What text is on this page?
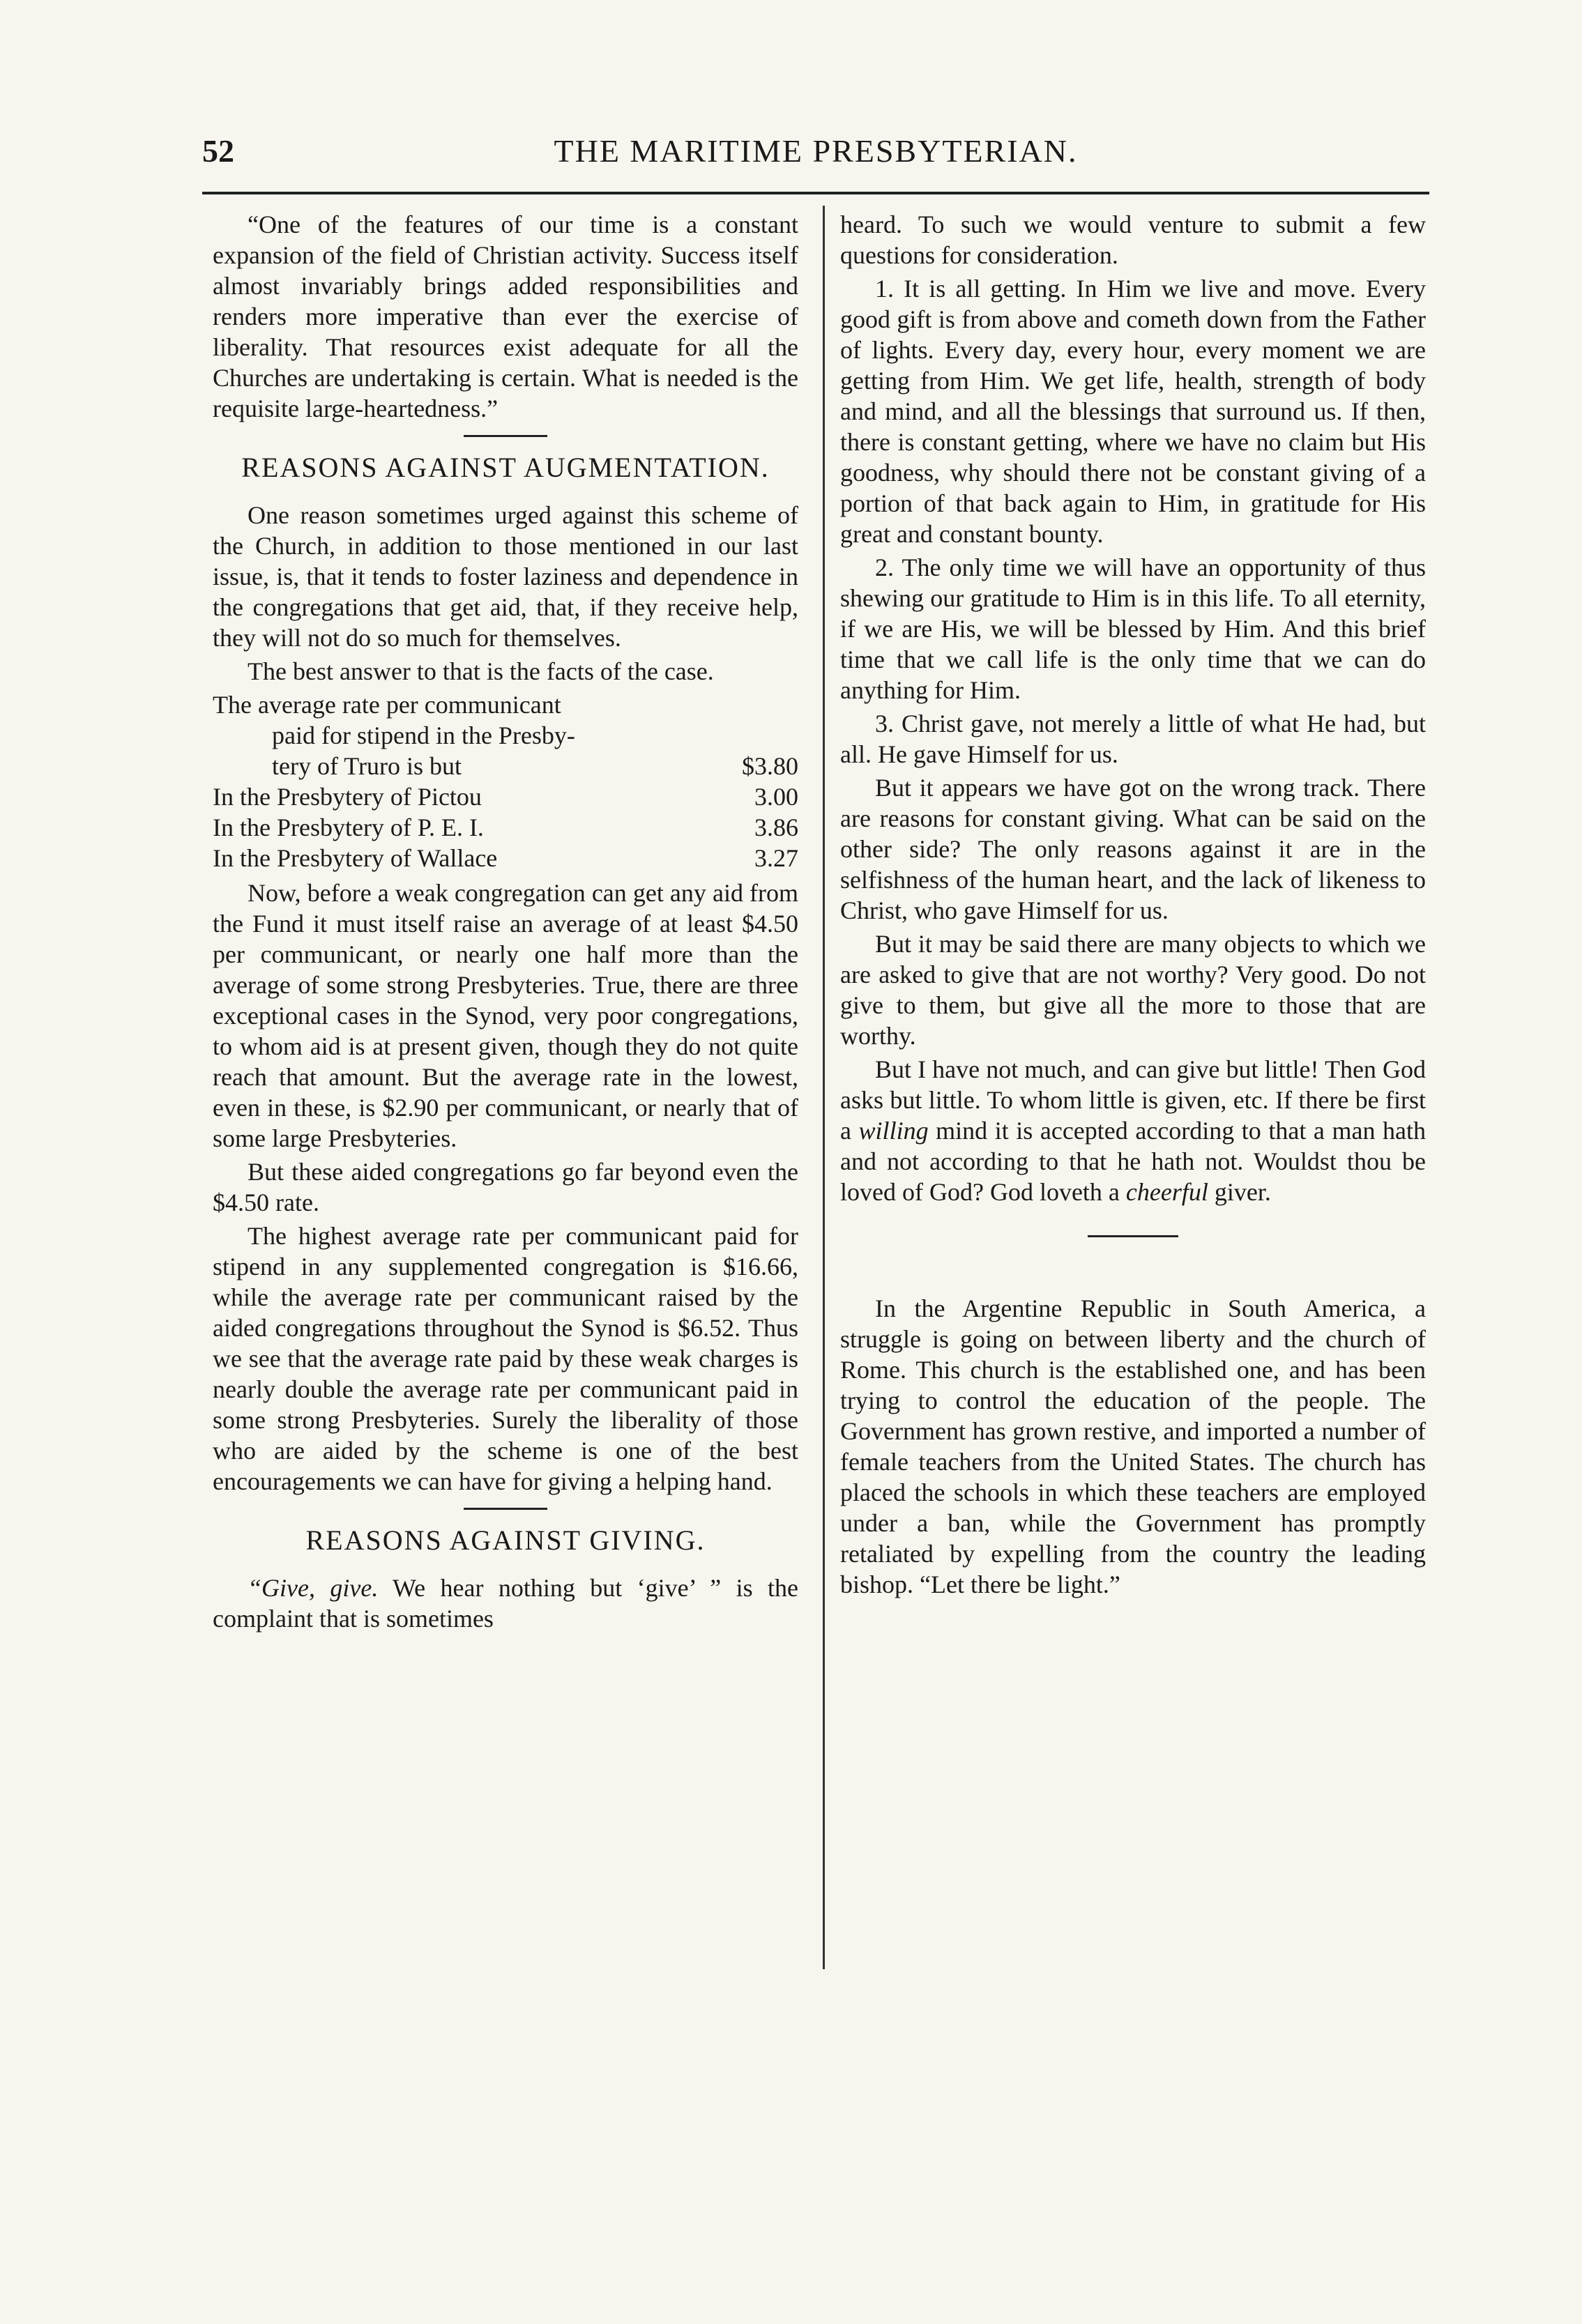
52	THE MARITIME PRESBYTERIAN.

“One of the features of our time is a constant expansion of the field of Christian activity. Success itself almost invariably brings added responsibilities and renders more imperative than ever the exercise of liberality. That resources exist adequate for all the Churches are undertaking is certain. What is needed is the requisite large-heartedness.”

REASONS AGAINST AUGMENTATION.

One reason sometimes urged against this scheme of the Church, in addition to those mentioned in our last issue, is, that it tends to foster laziness and dependence in the congregations that get aid, that, if they receive help, they will not do so much for themselves.

The best answer to that is the facts of the case.

The average rate per communicant
paid for stipend in the Presby-
tery of Truro is but	$3.80
In the Presbytery of Pictou	3.00
In the Presbytery of P. E. I.	3.86
In the Presbytery of Wallace	3.27

Now, before a weak congregation can get any aid from the Fund it must itself raise an average of at least $4.50 per communicant, or nearly one half more than the average of some strong Presbyteries. True, there are three exceptional cases in the Synod, very poor congregations, to whom aid is at present given, though they do not quite reach that amount. But the average rate in the lowest, even in these, is $2.90 per communicant, or nearly that of some large Presbyteries.

But these aided congregations go far beyond even the $4.50 rate.

The highest average rate per communicant paid for stipend in any supplemented congregation is $16.66, while the average rate per communicant raised by the aided congregations throughout the Synod is $6.52. Thus we see that the average rate paid by these weak charges is nearly double the average rate per communicant paid in some strong Presbyteries. Surely the liberality of those who are aided by the scheme is one of the best encouragements we can have for giving a helping hand.

REASONS AGAINST GIVING.

“Give, give. We hear nothing but ‘give’ ” is the complaint that is sometimes

heard. To such we would venture to submit a few questions for consideration.

1. It is all getting. In Him we live and move. Every good gift is from above and cometh down from the Father of lights. Every day, every hour, every moment we are getting from Him. We get life, health, strength of body and mind, and all the blessings that surround us. If then, there is constant getting, where we have no claim but His goodness, why should there not be constant giving of a portion of that back again to Him, in gratitude for His great and constant bounty.

2. The only time we will have an opportunity of thus shewing our gratitude to Him is in this life. To all eternity, if we are His, we will be blessed by Him. And this brief time that we call life is the only time that we can do anything for Him.

3. Christ gave, not merely a little of what He had, but all. He gave Himself for us.

But it appears we have got on the wrong track. There are reasons for constant giving. What can be said on the other side? The only reasons against it are in the selfishness of the human heart, and the lack of likeness to Christ, who gave Himself for us.

But it may be said there are many objects to which we are asked to give that are not worthy? Very good. Do not give to them, but give all the more to those that are worthy.

But I have not much, and can give but little! Then God asks but little. To whom little is given, etc. If there be first a willing mind it is accepted according to that a man hath and not according to that he hath not. Wouldst thou be loved of God? God loveth a cheerful giver.

In the Argentine Republic in South America, a struggle is going on between liberty and the church of Rome. This church is the established one, and has been trying to control the education of the people. The Government has grown restive, and imported a number of female teachers from the United States. The church has placed the schools in which these teachers are employed under a ban, while the Government has promptly retaliated by expelling from the country the leading bishop. “Let there be light.”
